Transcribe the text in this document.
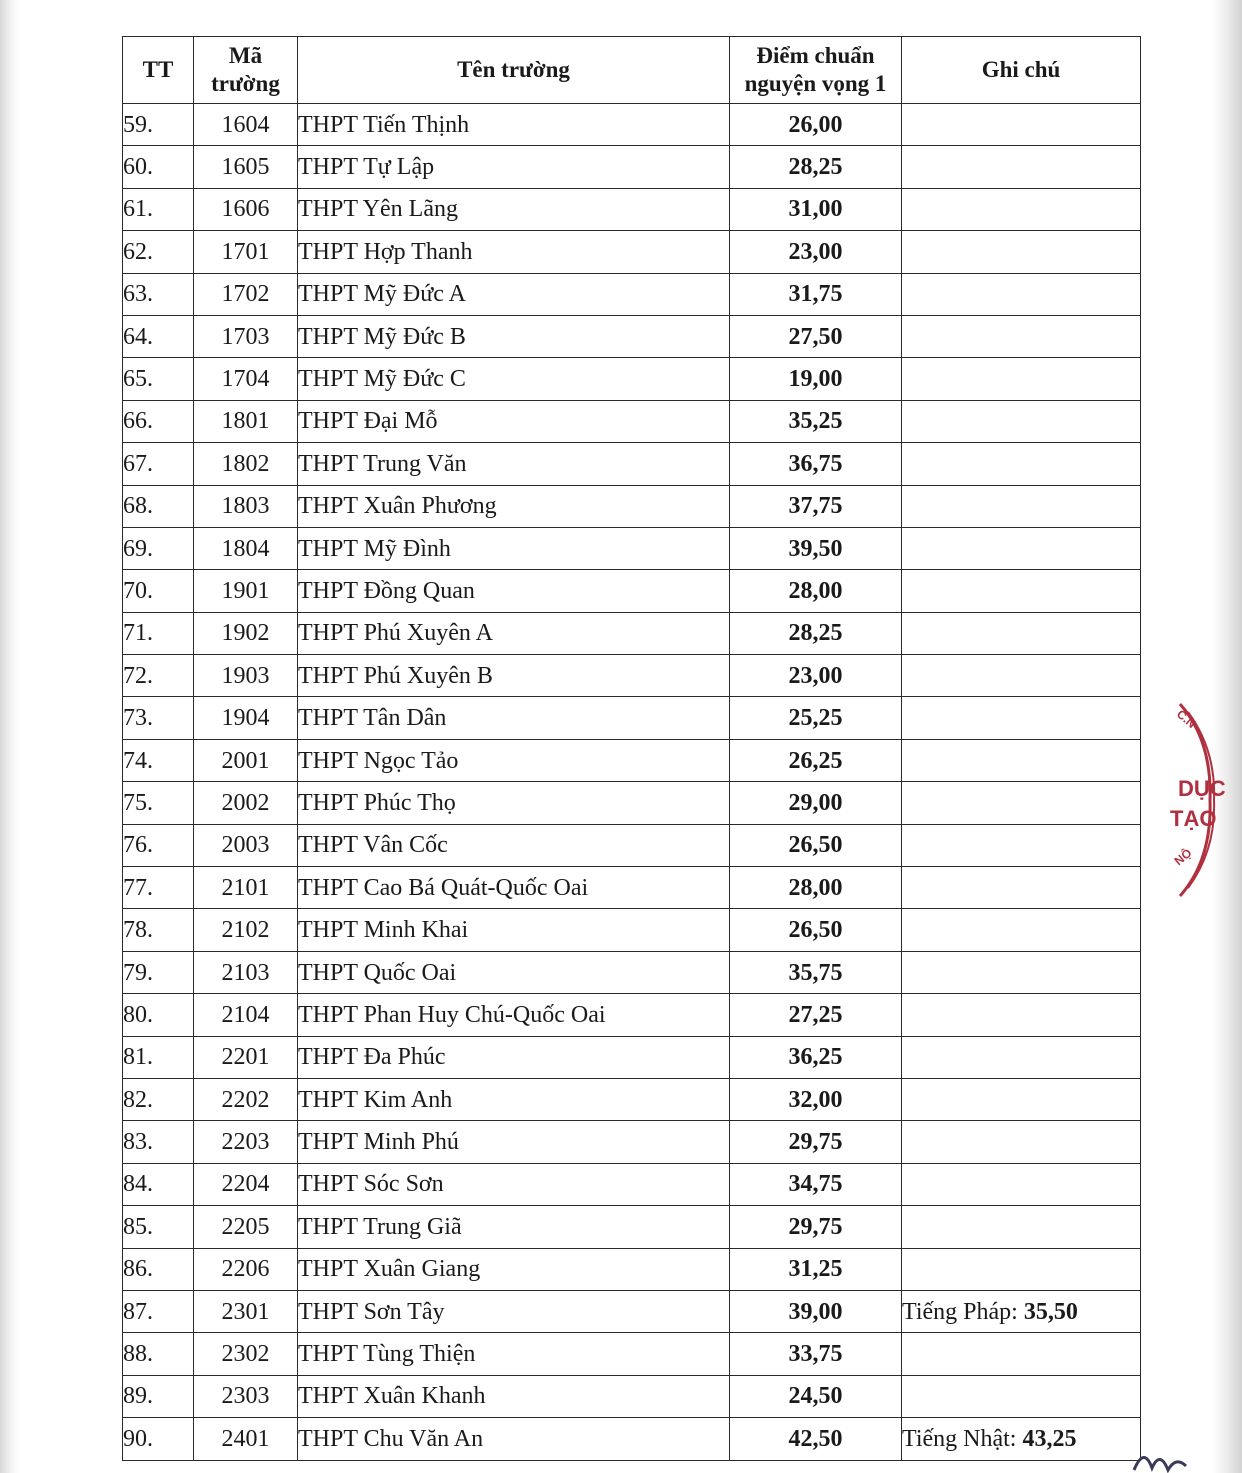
TT	Mã trường	Tên trường	Điểm chuẩn nguyện vọng 1	Ghi chú
59.	1604	THPT Tiến Thịnh	26,00	
60.	1605	THPT Tự Lập	28,25	
61.	1606	THPT Yên Lãng	31,00	
62.	1701	THPT Hợp Thanh	23,00	
63.	1702	THPT Mỹ Đức A	31,75	
64.	1703	THPT Mỹ Đức B	27,50	
65.	1704	THPT Mỹ Đức C	19,00	
66.	1801	THPT Đại Mỗ	35,25	
67.	1802	THPT Trung Văn	36,75	
68.	1803	THPT Xuân Phương	37,75	
69.	1804	THPT Mỹ Đình	39,50	
70.	1901	THPT Đồng Quan	28,00	
71.	1902	THPT Phú Xuyên A	28,25	
72.	1903	THPT Phú Xuyên B	23,00	
73.	1904	THPT Tân Dân	25,25	
74.	2001	THPT Ngọc Tảo	26,25	
75.	2002	THPT Phúc Thọ	29,00	
76.	2003	THPT Vân Cốc	26,50	
77.	2101	THPT Cao Bá Quát-Quốc Oai	28,00	
78.	2102	THPT Minh Khai	26,50	
79.	2103	THPT Quốc Oai	35,75	
80.	2104	THPT Phan Huy Chú-Quốc Oai	27,25	
81.	2201	THPT Đa Phúc	36,25	
82.	2202	THPT Kim Anh	32,00	
83.	2203	THPT Minh Phú	29,75	
84.	2204	THPT Sóc Sơn	34,75	
85.	2205	THPT Trung Giã	29,75	
86.	2206	THPT Xuân Giang	31,25	
87.	2301	THPT Sơn Tây	39,00	Tiếng Pháp: 35,50
88.	2302	THPT Tùng Thiện	33,75	
89.	2303	THPT Xuân Khanh	24,50	
90.	2401	THPT Chu Văn An	42,50	Tiếng Nhật: 43,25
C.N
DỤC
TẠO
NỘ
